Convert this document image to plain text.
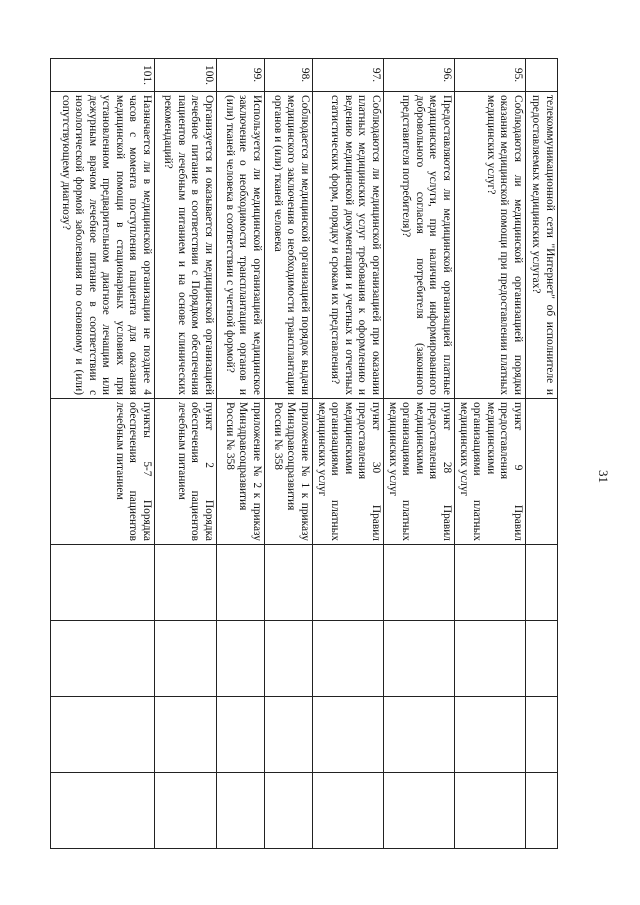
31
	телекоммуникационной сети "Интернет" об исполнителе и предоставляемых медицинских услугах?					
95.	Соблюдаются ли медицинской организацией порядки оказания медицинской помощи при предоставлении платных медицинских услуг?	пункт 9 Правил предоставления медицинскими организациями платных медицинских услуг				
96.	Предоставляются ли медицинской организацией платные медицинские услуги, при наличии информированного добровольного согласия потребителя (законного представителя потребителя)?	пункт 28 Правил предоставления медицинскими организациями платных медицинских услуг				
97.	Соблюдаются ли медицинской организацией при оказании платных медицинских услуг требования к оформлению и ведению медицинской документации и учетных и отчетных статистических форм, порядку и срокам их представления?	пункт 30 Правил предоставления медицинскими организациями платных медицинских услуг				
98.	Соблюдается ли медицинской организацией порядок выдачи медицинского заключения о необходимости трансплантации органов и (или) тканей человека	приложение № 1 к приказу Минздравсоцразвития России № 358				
99.	Используется ли медицинской организацией медицинское заключение о необходимости трансплантации органов и (или) тканей человека в соответствии с учетной формой?	приложение № 2 к приказу Минздравсоцразвития России № 358				
100.	Организуется и оказывается ли медицинской организацией лечебное питание в соответствии с Порядком обеспечения пациентов лечебным питанием и на основе клинических рекомендаций?	пункт 2 Порядка обеспечения пациентов лечебным питанием				
101.	Назначается ли в медицинской организации не позднее 4 часов с момента поступления пациента для оказания медицинской помощи в стационарных условиях при установленном предварительном диагнозе лечащим или дежурным врачом лечебное питание в соответствии с нозологической формой заболевания по основному и (или) сопутствующему диагнозу?	пункты 5-7 Порядка обеспечения пациентов лечебным питанием				
